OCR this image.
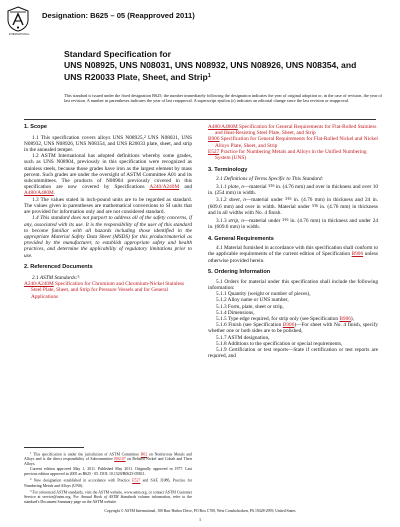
INTERNATIONAL
Designation: B625 – 05 (Reapproved 2011)
Standard Specification for
UNS N08925, UNS N08031, UNS N08932, UNS N08926, UNS N08354, and UNS R20033 Plate, Sheet, and Strip$^1$
This standard is issued under the fixed designation B625; the number immediately following the designation indicates the year of original adoption or, in the case of revision, the year of last revision. A number in parentheses indicates the year of last reapproval. A superscript epsilon (ε) indicates an editorial change since the last revision or reapproval.
1. Scope
1.1 This specification covers alloys UNS N08925,$^2$ UNS N08031, UNS N08932, UNS N08926, UNS N08354, and UNS R20033 plate, sheet, and strip in the annealed temper.
1.2 ASTM International has adopted definitions whereby some grades, such as UNS N08904, previously in this specification were recognized as stainless steels, because those grades have iron as the largest element by mass percent. Such grades are under the oversight of ASTM Committee A01 and its subcommittees. The products of N08904 previously covered in this specification are now covered by Specifications A240/A240M and A480/A480M.
1.3 The values stated in inch-pound units are to be regarded as standard. The values given in parentheses are mathematical conversions to SI units that are provided for information only and are not considered standard.
1.4 This standard does not purport to address all of the safety concerns, if any, associated with its use. It is the responsibility of the user of this standard to become familiar with all hazards including those identified in the appropriate Material Safety Data Sheet (MSDS) for this product/material as provided by the manufacturer, to establish appropriate safety and health practices, and determine the applicability of regulatory limitations prior to use.
2. Referenced Documents
2.1 ASTM Standards:$^3$
A240/A240M Specification for Chromium and Chromium-Nickel Stainless Steel Plate, Sheet, and Strip for Pressure Vessels and for General Applications
A480/A480M Specification for General Requirements for Flat-Rolled Stainless and Heat-Resisting Steel Plate, Sheet, and Strip
B906 Specification for General Requirements for Flat-Rolled Nickel and Nickel Alloys Plate, Sheet, and Strip
E527 Practice for Numbering Metals and Alloys in the Unified Numbering System (UNS)
3. Terminology
3.1 Definitions of Terms Specific to This Standard:
3.1.1 plate, n—material 3⁄16 in. (4.76 mm) and over in thickness and over 10 in. (254 mm) in width.
3.1.2 sheet, n—material under 3⁄16 in. (4.76 mm) in thickness and 24 in. (609.6 mm) and over in width. Material under 3⁄16 in. (4.76 mm) in thickness and in all widths with No. 4 finish.
3.1.3 strip, n—material under 3⁄16 in. (4.76 mm) in thickness and under 24 in. (609.6 mm) in width.
4. General Requirements
4.1 Material furnished in accordance with this specification shall conform to the applicable requirements of the current edition of Specification B906 unless otherwise provided herein.
5. Ordering Information
5.1 Orders for material under this specification shall include the following information:
5.1.1 Quantity (weight or number of pieces),
5.1.2 Alloy name or UNS number,
5.1.3 Form, plate, sheet or strip,
5.1.4 Dimensions,
5.1.5 Type edge required, for strip only (see Specification B906),
5.1.6 Finish (see Specification B906)—For sheet with No. 4 finish, specify whether one or both sides are to be polished,
5.1.7 ASTM designation,
5.1.8 Additions to the specification or special requirements,
5.1.9 Certification or test reports—State if certification or test reports are required, and
$^1$ This specification is under the jurisdiction of ASTM Committee B02 on Nonferrous Metals and Alloys and is the direct responsibility of Subcommittee B02.07 on Refined Nickel and Cobalt and Their Alloys.
Current edition approved May 1, 2011. Published May 2011. Originally approved in 1977. Last previous edition approved in 2005 as B625 - 05. DOI: 10.1520/B0625-05R11.
$^2$ New designation established in accordance with Practice E527 and SAE J1086, Practice for Numbering Metals and Alloys (UNS).
$^3$ For referenced ASTM standards, visit the ASTM website, www.astm.org, or contact ASTM Customer Service at service@astm.org. For Annual Book of ASTM Standards volume information, refer to the standard's Document Summary page on the ASTM website.
Copyright © ASTM International, 100 Barr Harbor Drive, PO Box C700, West Conshohocken, PA 19428-2959, United States
1
